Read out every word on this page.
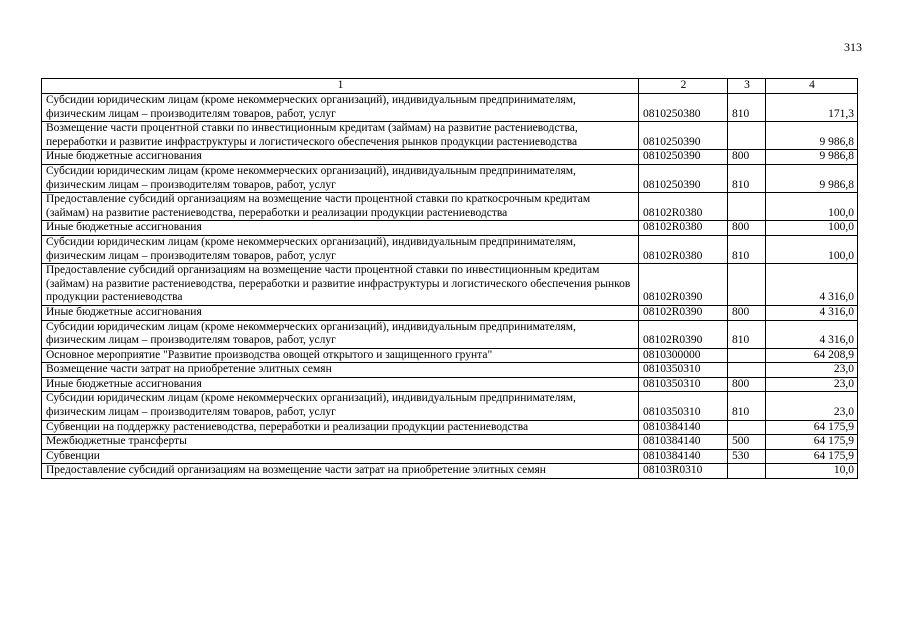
313
1	2	3	4
Субсидии юридическим лицам (кроме некоммерческих организаций), индивидуальным предпринимателям, физическим лицам – производителям товаров, работ, услуг	0810250380	810	171,3
Возмещение части процентной ставки по инвестиционным кредитам (займам) на развитие растениеводства, переработки и развитие инфраструктуры и логистического обеспечения рынков продукции растениеводства	0810250390		9 986,8
Иные бюджетные ассигнования	0810250390	800	9 986,8
Субсидии юридическим лицам (кроме некоммерческих организаций), индивидуальным предпринимателям, физическим лицам – производителям товаров, работ, услуг	0810250390	810	9 986,8
Предоставление субсидий организациям на возмещение части процентной ставки по краткосрочным кредитам (займам) на развитие растениеводства, переработки и реализации продукции растениеводства	08102R0380		100,0
Иные бюджетные ассигнования	08102R0380	800	100,0
Субсидии юридическим лицам (кроме некоммерческих организаций), индивидуальным предпринимателям, физическим лицам – производителям товаров, работ, услуг	08102R0380	810	100,0
Предоставление субсидий организациям на возмещение части процентной ставки по инвестиционным кредитам (займам) на развитие растениеводства, переработки и развитие инфраструктуры и логистического обеспечения рынков продукции растениеводства	08102R0390		4 316,0
Иные бюджетные ассигнования	08102R0390	800	4 316,0
Субсидии юридическим лицам (кроме некоммерческих организаций), индивидуальным предпринимателям, физическим лицам – производителям товаров, работ, услуг	08102R0390	810	4 316,0
Основное мероприятие "Развитие производства овощей открытого и защищенного грунта"	0810300000		64 208,9
Возмещение части затрат на приобретение элитных семян	0810350310		23,0
Иные бюджетные ассигнования	0810350310	800	23,0
Субсидии юридическим лицам (кроме некоммерческих организаций), индивидуальным предпринимателям, физическим лицам – производителям товаров, работ, услуг	0810350310	810	23,0
Субвенции на поддержку растениеводства, переработки и реализации продукции растениеводства	0810384140		64 175,9
Межбюджетные трансферты	0810384140	500	64 175,9
Субвенции	0810384140	530	64 175,9
Предоставление субсидий организациям на возмещение части затрат на приобретение элитных семян	08103R0310		10,0
